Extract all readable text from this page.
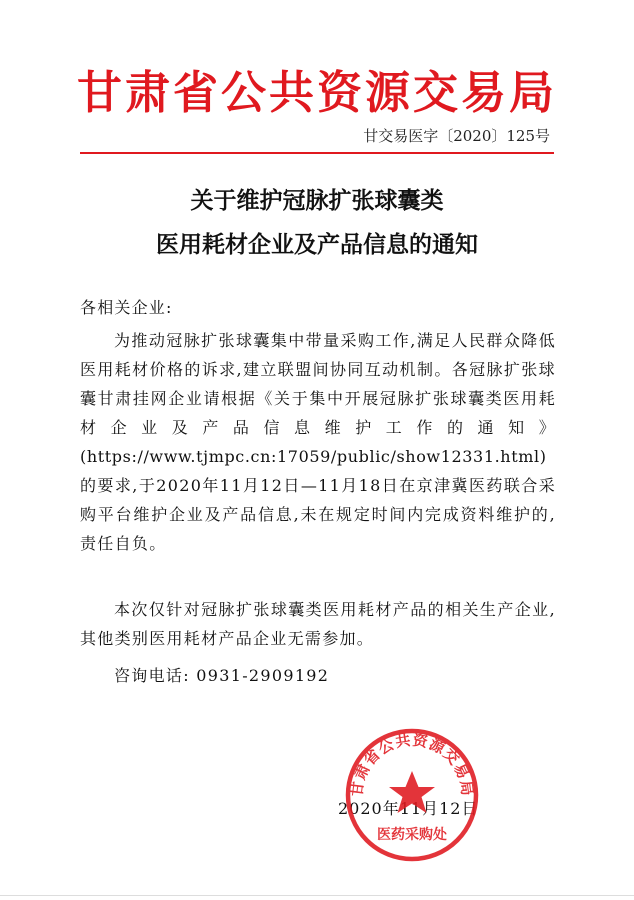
甘肃省公共资源交易局
甘交易医字〔2020〕125号
关于维护冠脉扩张球囊类
医用耗材企业及产品信息的通知
各相关企业:
为推动冠脉扩张球囊集中带量采购工作,满足人民群众降低医用耗材价格的诉求,建立联盟间协同互动机制。各冠脉扩张球囊甘肃挂网企业请根据《关于集中开展冠脉扩张球囊类医用耗材企业及产品信息维护工作的通知》(https://www.tjmpc.cn:17059/public/show12331.html)的要求,于2020年11月12日—11月18日在京津冀医药联合采购平台维护企业及产品信息,未在规定时间内完成资料维护的,责任自负。
本次仅针对冠脉扩张球囊类医用耗材产品的相关生产企业,其他类别医用耗材产品企业无需参加。
咨询电话: 0931-2909192
2020年11月12日
甘肃省公共资源交易局
医药采购处
